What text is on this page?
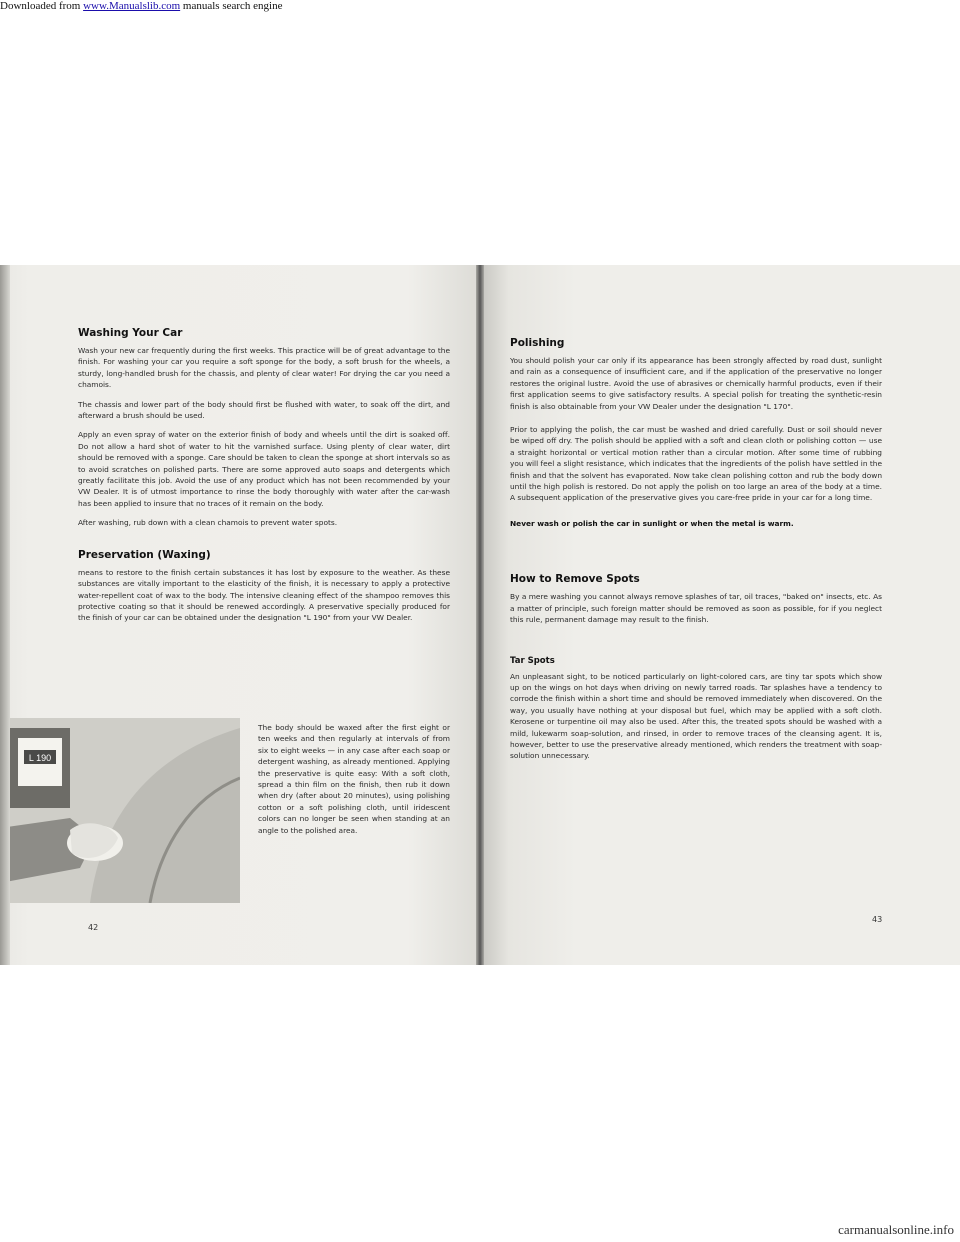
Downloaded from www.Manualslib.com manuals search engine
Washing Your Car

Wash your new car frequently during the first weeks. This practice will be of great advantage to the finish. For washing your car you require a soft sponge for the body, a soft brush for the wheels, a sturdy, long-handled brush for the chassis, and plenty of clear water! For drying the car you need a chamois.

The chassis and lower part of the body should first be flushed with water, to soak off the dirt, and afterward a brush should be used.

Apply an even spray of water on the exterior finish of body and wheels until the dirt is soaked off. Do not allow a hard shot of water to hit the varnished surface. Using plenty of clear water, dirt should be removed with a sponge. Care should be taken to clean the sponge at short intervals so as to avoid scratches on polished parts. There are some approved auto soaps and detergents which greatly facilitate this job. Avoid the use of any product which has not been recommended by your VW Dealer. It is of utmost importance to rinse the body thoroughly with water after the car-wash has been applied to insure that no traces of it remain on the body.

After washing, rub down with a clean chamois to prevent water spots.

Preservation (Waxing)

means to restore to the finish certain substances it has lost by exposure to the weather. As these substances are vitally important to the elasticity of the finish, it is necessary to apply a protective water-repellent coat of wax to the body. The intensive cleaning effect of the shampoo removes this protective coating so that it should be renewed accordingly. A preservative specially produced for the finish of your car can be obtained under the designation "L 190" from your VW Dealer.

L 190

The body should be waxed after the first eight or ten weeks and then regularly at intervals of from six to eight weeks — in any case after each soap or detergent washing, as already mentioned. Applying the preservative is quite easy: With a soft cloth, spread a thin film on the finish, then rub it down when dry (after about 20 minutes), using polishing cotton or a soft polishing cloth, until iridescent colors can no longer be seen when standing at an angle to the polished area.

42
Polishing

You should polish your car only if its appearance has been strongly affected by road dust, sunlight and rain as a consequence of insufficient care, and if the application of the preservative no longer restores the original lustre. Avoid the use of abrasives or chemically harmful products, even if their first application seems to give satisfactory results. A special polish for treating the synthetic-resin finish is also obtainable from your VW Dealer under the designation "L 170".

Prior to applying the polish, the car must be washed and dried carefully. Dust or soil should never be wiped off dry. The polish should be applied with a soft and clean cloth or polishing cotton — use a straight horizontal or vertical motion rather than a circular motion. After some time of rubbing you will feel a slight resistance, which indicates that the ingredients of the polish have settled in the finish and that the solvent has evaporated. Now take clean polishing cotton and rub the body down until the high polish is restored. Do not apply the polish on too large an area of the body at a time. A subsequent application of the preservative gives you care-free pride in your car for a long time.

Never wash or polish the car in sunlight or when the metal is warm.

How to Remove Spots

By a mere washing you cannot always remove splashes of tar, oil traces, "baked on" insects, etc. As a matter of principle, such foreign matter should be removed as soon as possible, for if you neglect this rule, permanent damage may result to the finish.

Tar Spots

An unpleasant sight, to be noticed particularly on light-colored cars, are tiny tar spots which show up on the wings on hot days when driving on newly tarred roads. Tar splashes have a tendency to corrode the finish within a short time and should be removed immediately when discovered. On the way, you usually have nothing at your disposal but fuel, which may be applied with a soft cloth. Kerosene or turpentine oil may also be used. After this, the treated spots should be washed with a mild, lukewarm soap-solution, and rinsed, in order to remove traces of the cleansing agent. It is, however, better to use the preservative already mentioned, which renders the treatment with soap-solution unnecessary.

43
carmanualsonline.info
